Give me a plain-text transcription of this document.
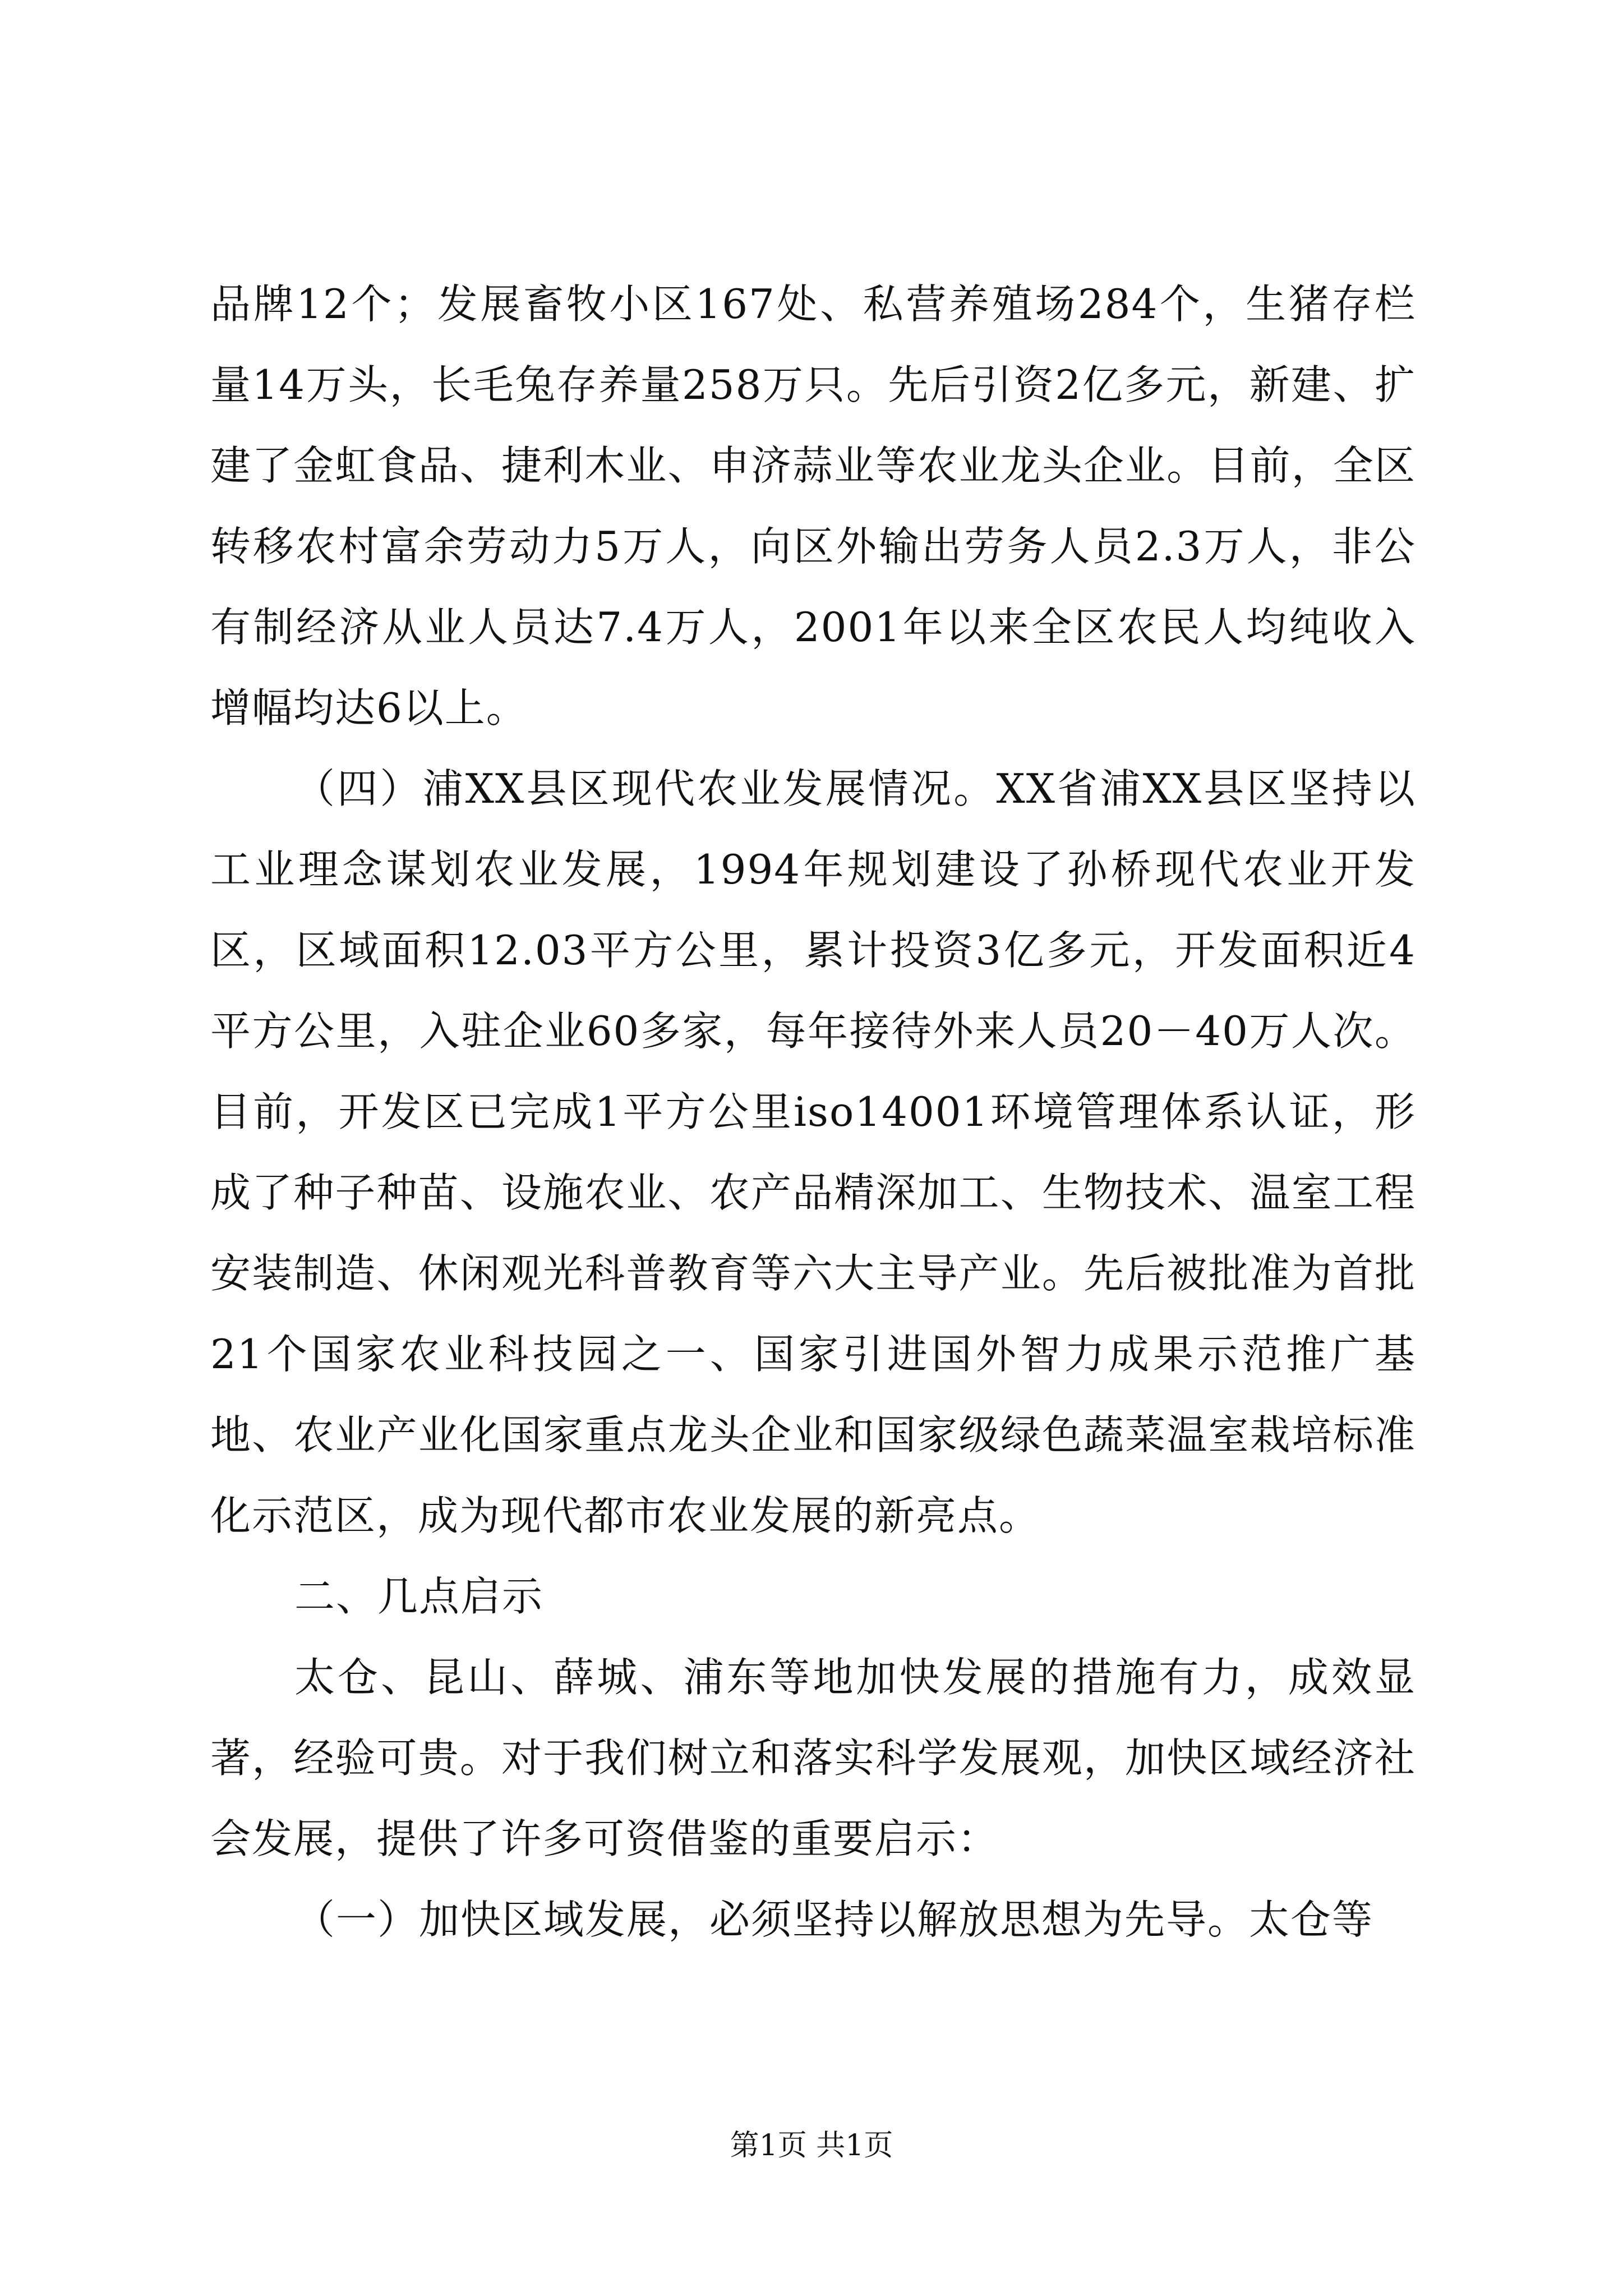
品牌12个；发展畜牧小区167处、私营养殖场284个，生猪存栏量14万头，长毛兔存养量258万只。先后引资2亿多元，新建、扩建了金虹食品、捷利木业、申济蒜业等农业龙头企业。目前，全区转移农村富余劳动力5万人，向区外输出劳务人员2.3万人，非公有制经济从业人员达7.4万人，2001年以来全区农民人均纯收入增幅均达6以上。

（四）浦XX县区现代农业发展情况。XX省浦XX县区坚持以工业理念谋划农业发展，1994年规划建设了孙桥现代农业开发区，区域面积12.03平方公里，累计投资3亿多元，开发面积近4平方公里，入驻企业60多家，每年接待外来人员20－40万人次。目前，开发区已完成1平方公里iso14001环境管理体系认证，形成了种子种苗、设施农业、农产品精深加工、生物技术、温室工程安装制造、休闲观光科普教育等六大主导产业。先后被批准为首批21个国家农业科技园之一、国家引进国外智力成果示范推广基地、农业产业化国家重点龙头企业和国家级绿色蔬菜温室栽培标准化示范区，成为现代都市农业发展的新亮点。

二、几点启示

太仓、昆山、薛城、浦东等地加快发展的措施有力，成效显著，经验可贵。对于我们树立和落实科学发展观，加快区域经济社会发展，提供了许多可资借鉴的重要启示：

（一）加快区域发展，必须坚持以解放思想为先导。太仓等

第1页 共1页
